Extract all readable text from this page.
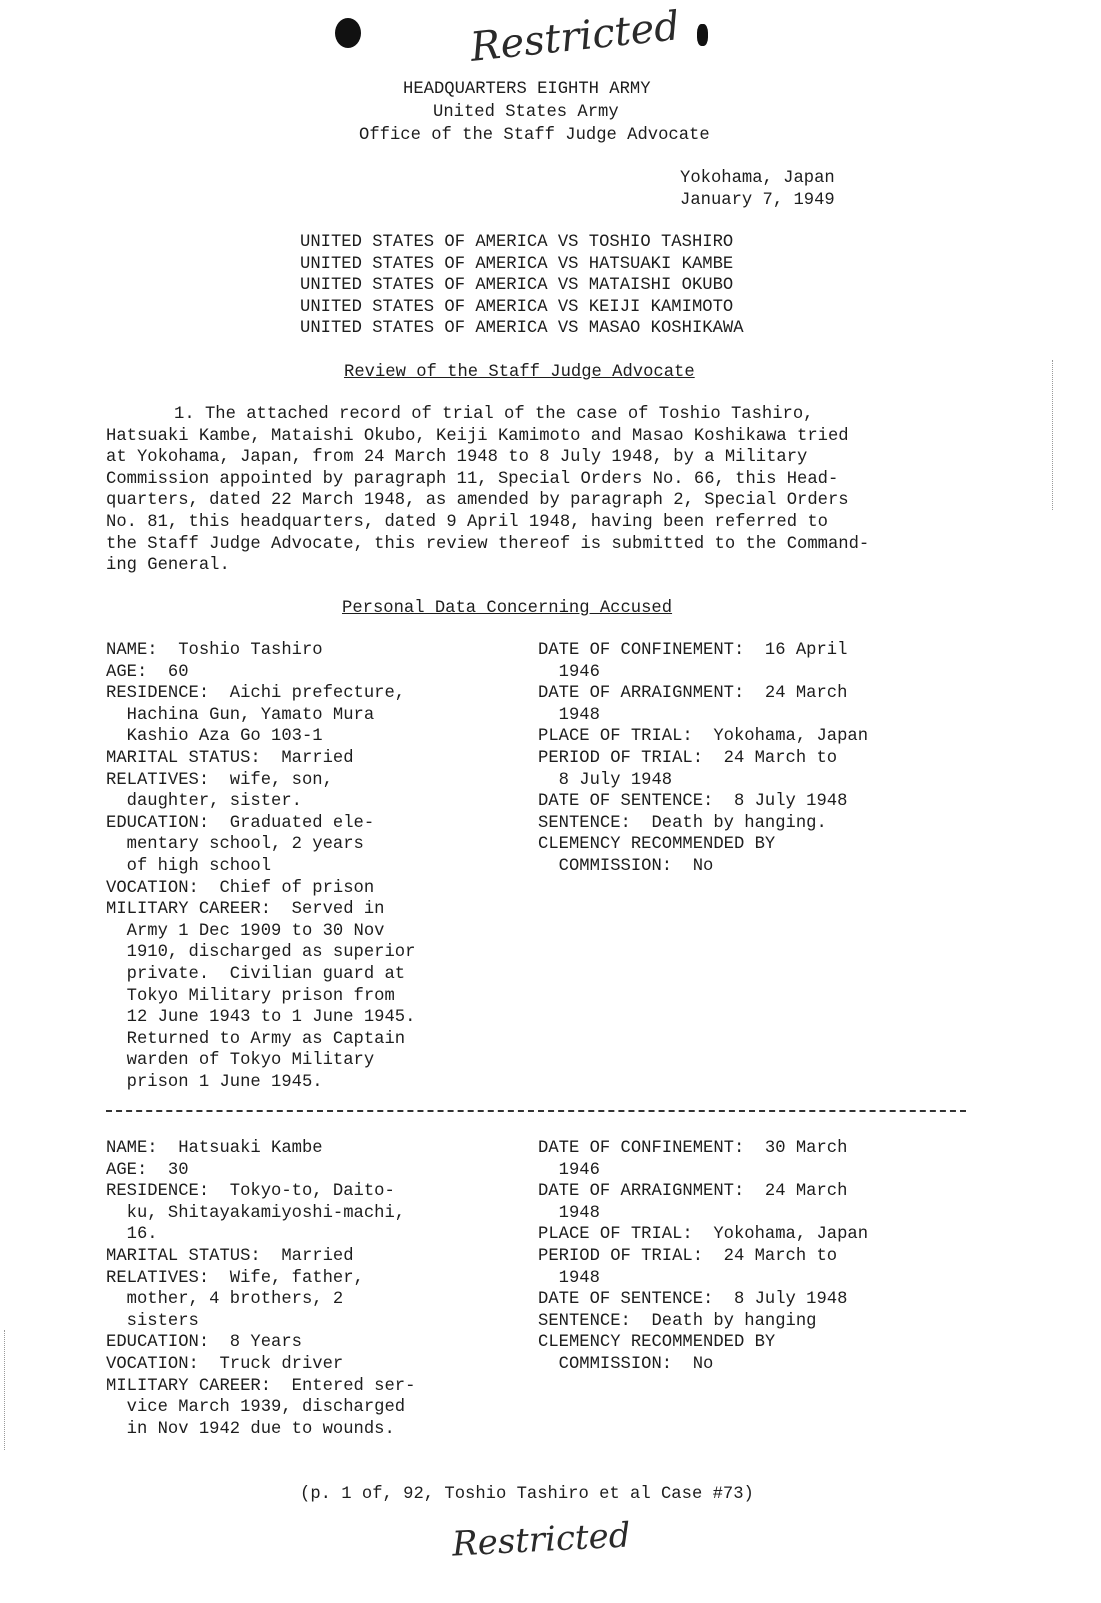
Restricted
HEADQUARTERS EIGHTH ARMY
United States Army
Office of the Staff Judge Advocate
Yokohama, Japan
January 7, 1949
UNITED STATES OF AMERICA VS TOSHIO TASHIRO
UNITED STATES OF AMERICA VS HATSUAKI KAMBE
UNITED STATES OF AMERICA VS MATAISHI OKUBO
UNITED STATES OF AMERICA VS KEIJI KAMIMOTO
UNITED STATES OF AMERICA VS MASAO KOSHIKAWA
Review of the Staff Judge Advocate
1. The attached record of trial of the case of Toshio Tashiro,
Hatsuaki Kambe, Mataishi Okubo, Keiji Kamimoto and Masao Koshikawa tried
at Yokohama, Japan, from 24 March 1948 to 8 July 1948, by a Military
Commission appointed by paragraph 11, Special Orders No. 66, this Head-
quarters, dated 22 March 1948, as amended by paragraph 2, Special Orders
No. 81, this headquarters, dated 9 April 1948, having been referred to
the Staff Judge Advocate, this review thereof is submitted to the Command-
ing General.
Personal Data Concerning Accused
NAME:  Toshio Tashiro
AGE:  60
RESIDENCE:  Aichi prefecture,
Hachina Gun, Yamato Mura
Kashio Aza Go 103-1
MARITAL STATUS:  Married
RELATIVES:  wife, son,
daughter, sister.
EDUCATION:  Graduated ele-
mentary school, 2 years
of high school
VOCATION:  Chief of prison
MILITARY CAREER:  Served in
Army 1 Dec 1909 to 30 Nov
1910, discharged as superior
private.  Civilian guard at
Tokyo Military prison from
12 June 1943 to 1 June 1945.
Returned to Army as Captain
warden of Tokyo Military
prison 1 June 1945.
DATE OF CONFINEMENT:  16 April
1946
DATE OF ARRAIGNMENT:  24 March
1948
PLACE OF TRIAL:  Yokohama, Japan
PERIOD OF TRIAL:  24 March to
8 July 1948
DATE OF SENTENCE:  8 July 1948
SENTENCE:  Death by hanging.
CLEMENCY RECOMMENDED BY
COMMISSION:  No
NAME:  Hatsuaki Kambe
AGE:  30
RESIDENCE:  Tokyo-to, Daito-
ku, Shitayakamiyoshi-machi,
16.
MARITAL STATUS:  Married
RELATIVES:  Wife, father,
mother, 4 brothers, 2
sisters
EDUCATION:  8 Years
VOCATION:  Truck driver
MILITARY CAREER:  Entered ser-
vice March 1939, discharged
in Nov 1942 due to wounds.
DATE OF CONFINEMENT:  30 March
1946
DATE OF ARRAIGNMENT:  24 March
1948
PLACE OF TRIAL:  Yokohama, Japan
PERIOD OF TRIAL:  24 March to
1948
DATE OF SENTENCE:  8 July 1948
SENTENCE:  Death by hanging
CLEMENCY RECOMMENDED BY
COMMISSION:  No
(p. 1 of, 92, Toshio Tashiro et al Case #73)
Restricted
